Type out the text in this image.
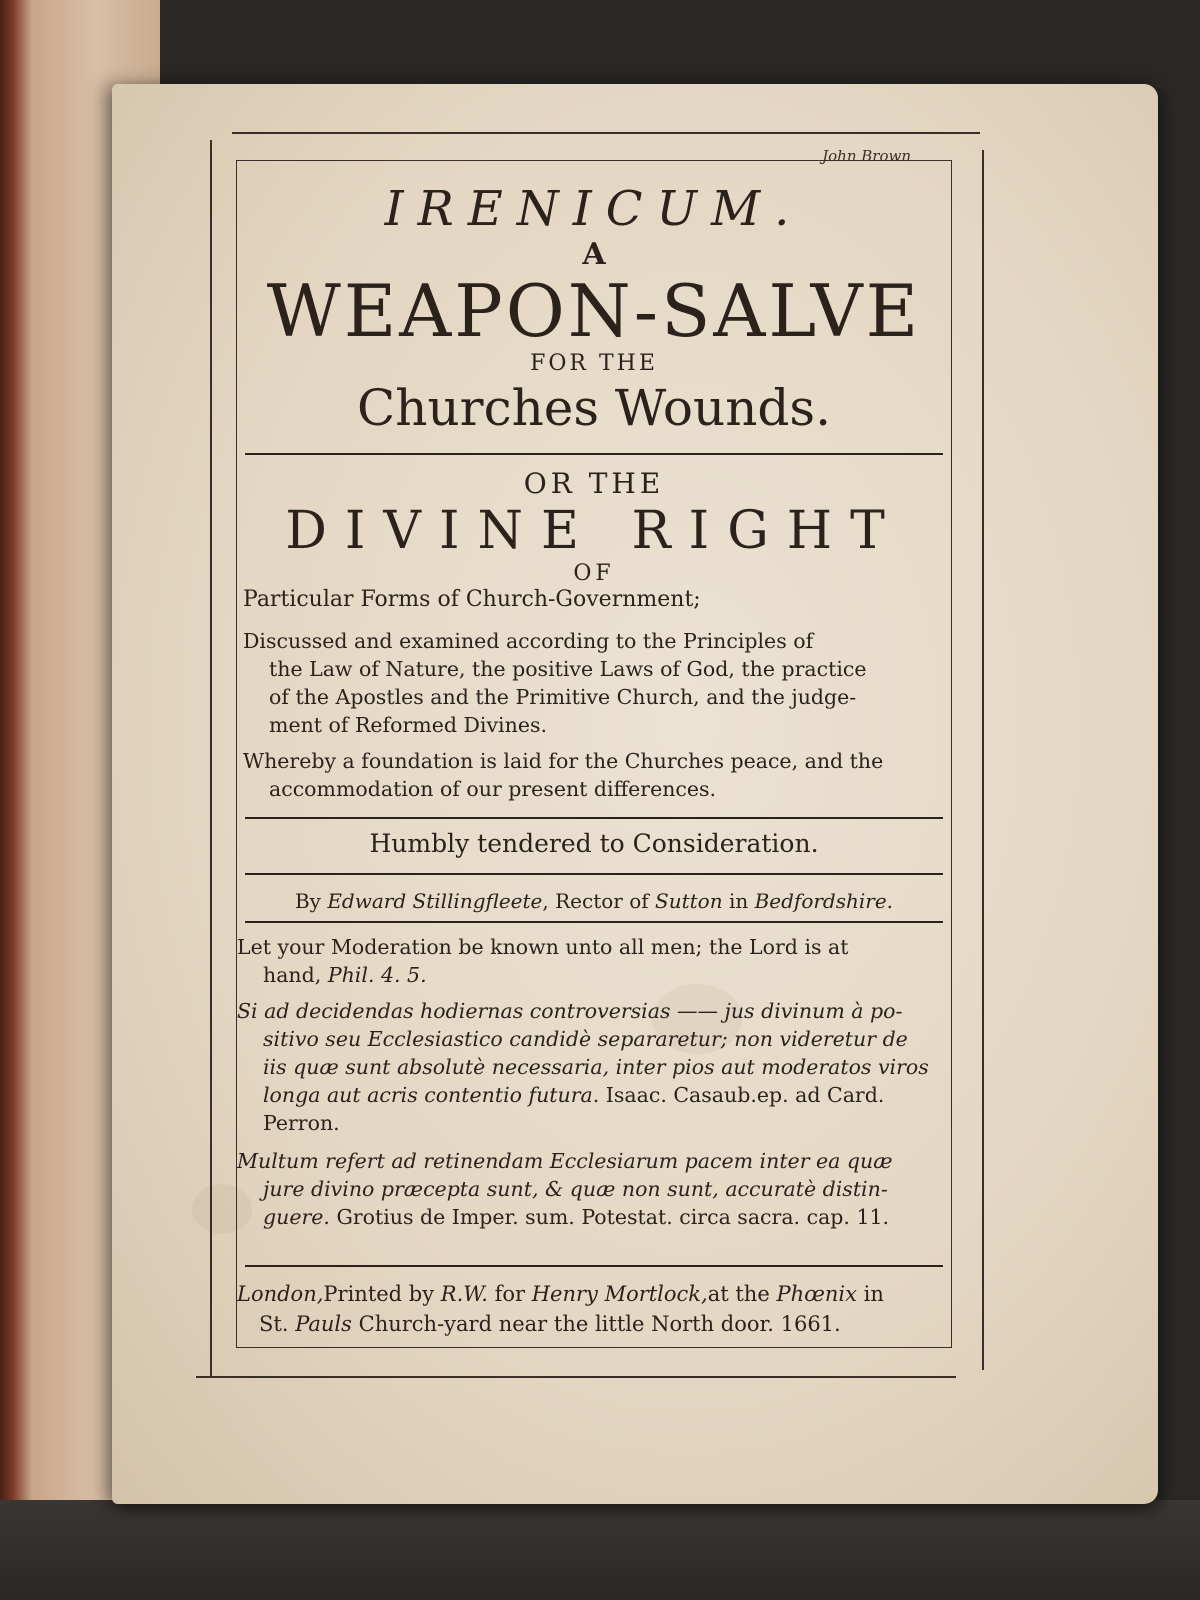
John Brown
IRENICUM.
A
WEAPON-SALVE
FOR THE
Churches Wounds.
OR THE
DIVINE RIGHT
OF
Particular Forms of Church-Government;
Discussed and examined according to the Principles of
the Law of Nature, the positive Laws of God, the practice
of the Apostles and the Primitive Church, and the judge-
ment of Reformed Divines.
Whereby a foundation is laid for the Churches peace, and the
accommodation of our present differences.
Humbly tendered to Consideration.
By Edward Stillingfleete, Rector of Sutton in Bedfordshire.
Let your Moderation be known unto all men; the Lord is at
hand, Phil. 4. 5.
Si ad decidendas hodiernas controversias —— jus divinum à po-
sitivo seu Ecclesiastico candidè separaretur; non videretur de
iis quæ sunt absolutè necessaria, inter pios aut moderatos viros
longa aut acris contentio futura. Isaac. Casaub.ep. ad Card.
Perron.
Multum refert ad retinendam Ecclesiarum pacem inter ea quæ
jure divino præcepta sunt, & quæ non sunt, accuratè distin-
guere. Grotius de Imper. sum. Potestat. circa sacra. cap. 11.
London,Printed by R.W. for Henry Mortlock,at the Phœnix in
St. Pauls Church-yard near the little North door. 1661.
